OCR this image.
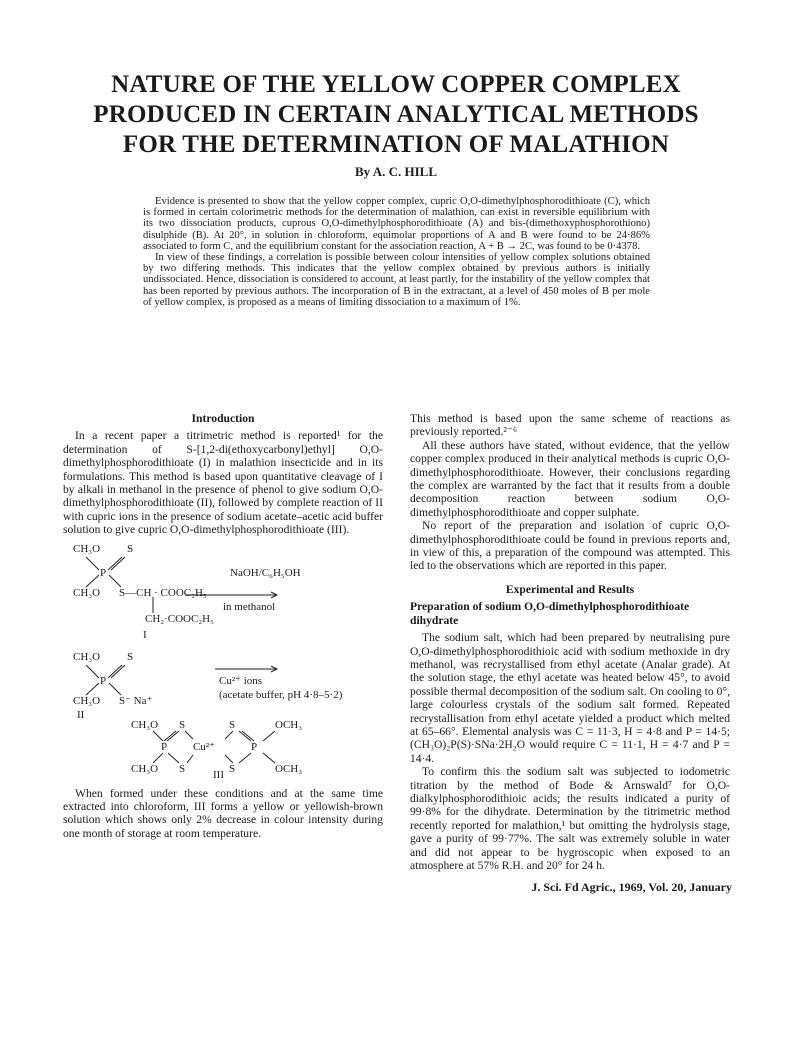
NATURE OF THE YELLOW COPPER COMPLEX
PRODUCED IN CERTAIN ANALYTICAL METHODS
FOR THE DETERMINATION OF MALATHION
By A. C. HILL

Evidence is presented to show that the yellow copper complex, cupric O,O-dimethylphosphorodithioate (C), which is formed in certain colorimetric methods for the determination of malathion, can exist in reversible equilibrium with its two dissociation products, cuprous O,O-dimethylphosphorodithioate (A) and bis-(dimethoxyphosphorothiono) disulphide (B). At 20°, in solution in chloroform, equimolar proportions of A and B were found to be 24·86% associated to form C, and the equilibrium constant for the association reaction, A + B → 2C, was found to be 0·4378.

In view of these findings, a correlation is possible between colour intensities of yellow complex solutions obtained by two differing methods. This indicates that the yellow complex obtained by previous authors is initially undissociated. Hence, dissociation is considered to account, at least partly, for the instability of the yellow complex that has been reported by previous authors. The incorporation of B in the extractant, at a level of 450 moles of B per mole of yellow complex, is proposed as a means of limiting dissociation to a maximum of 1%.

Introduction

In a recent paper a titrimetric method is reported¹ for the determination of S-[1,2-di(ethoxycarbonyl)ethyl] O,O-dimethylphosphorodithioate (I) in malathion insecticide and in its formulations. This method is based upon quantitative cleavage of I by alkali in methanol in the presence of phenol to give sodium O,O-dimethylphosphorodithioate (II), followed by complete reaction of II with cupric ions in the presence of sodium acetate–acetic acid buffer solution to give cupric O,O-dimethylphosphorodithioate (III).

CH₃O S
P
CH₃O S—CH · COOC₂H₅
CH₂·COOC₂H₅
I
NaOH/C₆H₅OH
in methanol
CH₃O S
P
CH₃O S⁻ Na⁺
II
Cu²⁺ ions
(acetate buffer, pH 4·8–5·2)
CH₃O S	S	OCH₃
P Cu²⁺	P
CH₃O S	S	OCH₃
III

When formed under these conditions and at the same time extracted into chloroform, III forms a yellow or yellowish-brown solution which shows only 2% decrease in colour intensity during one month of storage at room temperature.

This method is based upon the same scheme of reactions as previously reported.²⁻⁶

All these authors have stated, without evidence, that the yellow copper complex produced in their analytical methods is cupric O,O-dimethylphosphorodithioate. However, their conclusions regarding the complex are warranted by the fact that it results from a double decomposition reaction between sodium O,O-dimethylphosphorodithioate and copper sulphate.

No report of the preparation and isolation of cupric O,O-dimethylphosphorodithioate could be found in previous reports and, in view of this, a preparation of the compound was attempted. This led to the observations which are reported in this paper.

Experimental and Results
Preparation of sodium O,O-dimethylphosphorodithioate dihydrate

The sodium salt, which had been prepared by neutralising pure O,O-dimethylphosphorodithioic acid with sodium methoxide in dry methanol, was recrystallised from ethyl acetate (Analar grade). At the solution stage, the ethyl acetate was heated below 45°, to avoid possible thermal decomposition of the sodium salt. On cooling to 0°, large colourless crystals of the sodium salt formed. Repeated recrystallisation from ethyl acetate yielded a product which melted at 65–66°. Elemental analysis was C = 11·3, H = 4·8 and P = 14·5; (CH₃O)₂P(S)·SNa·2H₂O would require C = 11·1, H = 4·7 and P = 14·4.

To confirm this the sodium salt was subjected to iodometric titration by the method of Bode & Arnswald⁷ for O,O-dialkylphosphorodithioic acids; the results indicated a purity of 99·8% for the dihydrate. Determination by the titrimetric method recently reported for malathion,¹ but omitting the hydrolysis stage, gave a purity of 99·77%. The salt was extremely soluble in water and did not appear to be hygroscopic when exposed to an atmosphere at 57% R.H. and 20° for 24 h.

J. Sci. Fd Agric., 1969, Vol. 20, January
